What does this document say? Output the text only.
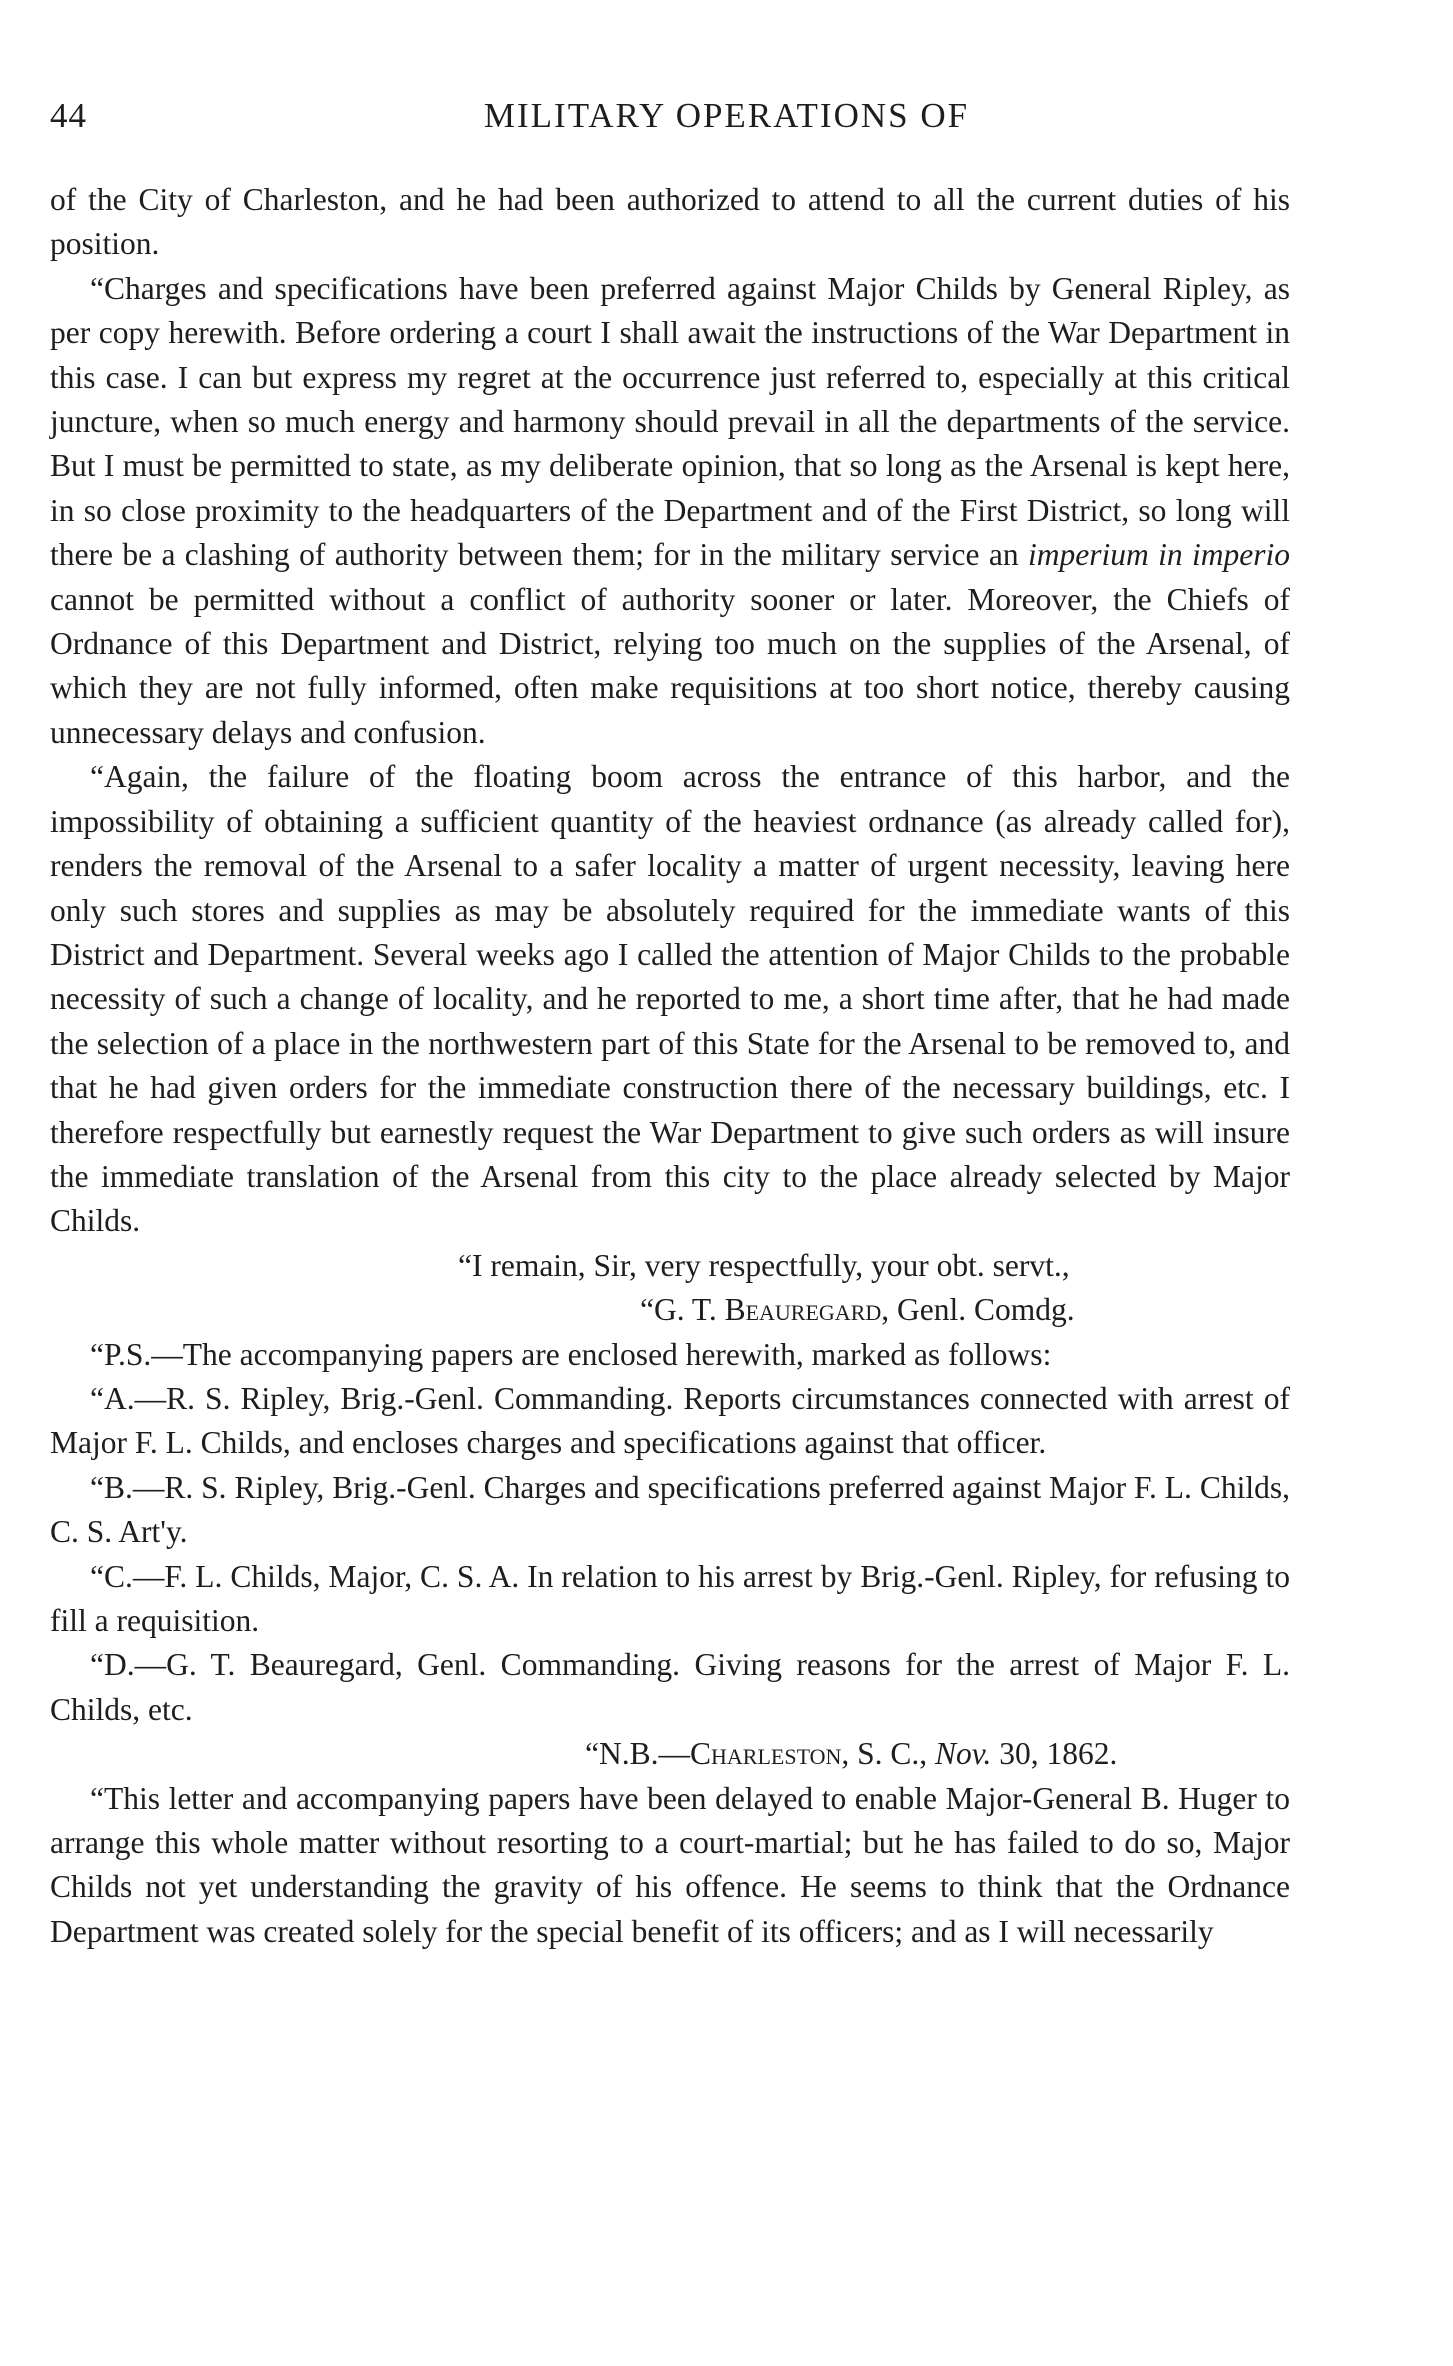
44	MILITARY OPERATIONS OF

of the City of Charleston, and he had been authorized to attend to all the current duties of his position.

“Charges and specifications have been preferred against Major Childs by General Ripley, as per copy herewith. Before ordering a court I shall await the instructions of the War Department in this case. I can but express my regret at the occurrence just referred to, especially at this critical juncture, when so much energy and harmony should prevail in all the departments of the service. But I must be permitted to state, as my deliberate opinion, that so long as the Arsenal is kept here, in so close proximity to the headquarters of the Department and of the First District, so long will there be a clashing of authority between them; for in the military service an imperium in imperio cannot be permitted without a conflict of authority sooner or later. Moreover, the Chiefs of Ordnance of this Department and District, relying too much on the supplies of the Arsenal, of which they are not fully informed, often make requisitions at too short notice, thereby causing unnecessary delays and confusion.

“Again, the failure of the floating boom across the entrance of this harbor, and the impossibility of obtaining a sufficient quantity of the heaviest ordnance (as already called for), renders the removal of the Arsenal to a safer locality a matter of urgent necessity, leaving here only such stores and supplies as may be absolutely required for the immediate wants of this District and Department. Several weeks ago I called the attention of Major Childs to the probable necessity of such a change of locality, and he reported to me, a short time after, that he had made the selection of a place in the northwestern part of this State for the Arsenal to be removed to, and that he had given orders for the immediate construction there of the necessary buildings, etc. I therefore respectfully but earnestly request the War Department to give such orders as will insure the immediate translation of the Arsenal from this city to the place already selected by Major Childs.

“I remain, Sir, very respectfully, your obt. servt.,

“G. T. Beauregard, Genl. Comdg.

“P.S.—The accompanying papers are enclosed herewith, marked as follows:

“A.—R. S. Ripley, Brig.-Genl. Commanding. Reports circumstances connected with arrest of Major F. L. Childs, and encloses charges and specifications against that officer.

“B.—R. S. Ripley, Brig.-Genl. Charges and specifications preferred against Major F. L. Childs, C. S. Art'y.

“C.—F. L. Childs, Major, C. S. A. In relation to his arrest by Brig.-Genl. Ripley, for refusing to fill a requisition.

“D.—G. T. Beauregard, Genl. Commanding. Giving reasons for the arrest of Major F. L. Childs, etc.

“N.B.—Charleston, S. C., Nov. 30, 1862.

“This letter and accompanying papers have been delayed to enable Major-General B. Huger to arrange this whole matter without resorting to a court-martial; but he has failed to do so, Major Childs not yet understanding the gravity of his offence. He seems to think that the Ordnance Department was created solely for the special benefit of its officers; and as I will necessarily
